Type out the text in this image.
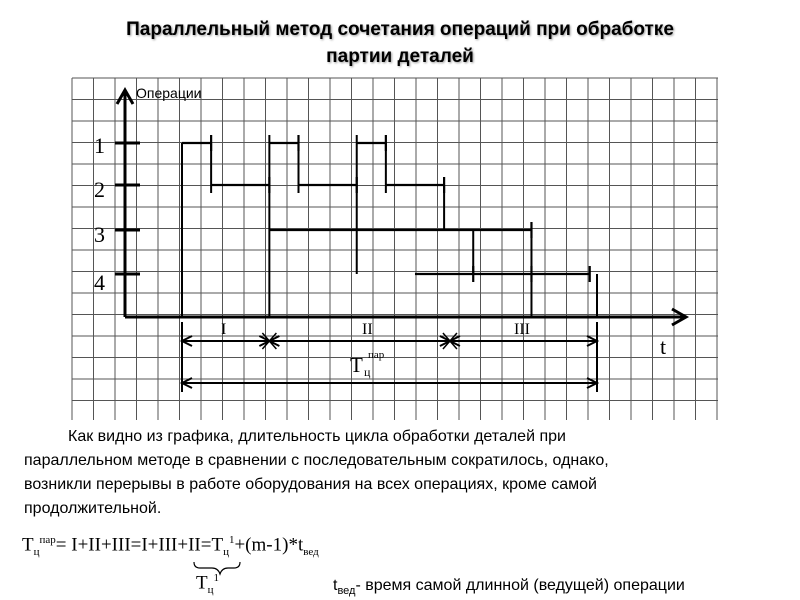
Параллельный метод сочетания операций при обработке
партии деталей
Операции
t
1
2
3
4
I	II	III
Т ц пар
Как видно из графика, длительность цикла обработки деталей при
параллельном методе в сравнении с последовательным сократилось, однако,
возникли перерывы в работе оборудования на всех операциях, кроме самой
продолжительной.
$Т_ц^{пар}= I+II+III=I+III+II=Т_ц^1+(m-1)*t_{вед}$
$Т_ц^1$	$t_{вед}-$ время самой длинной (ведущей) операции
